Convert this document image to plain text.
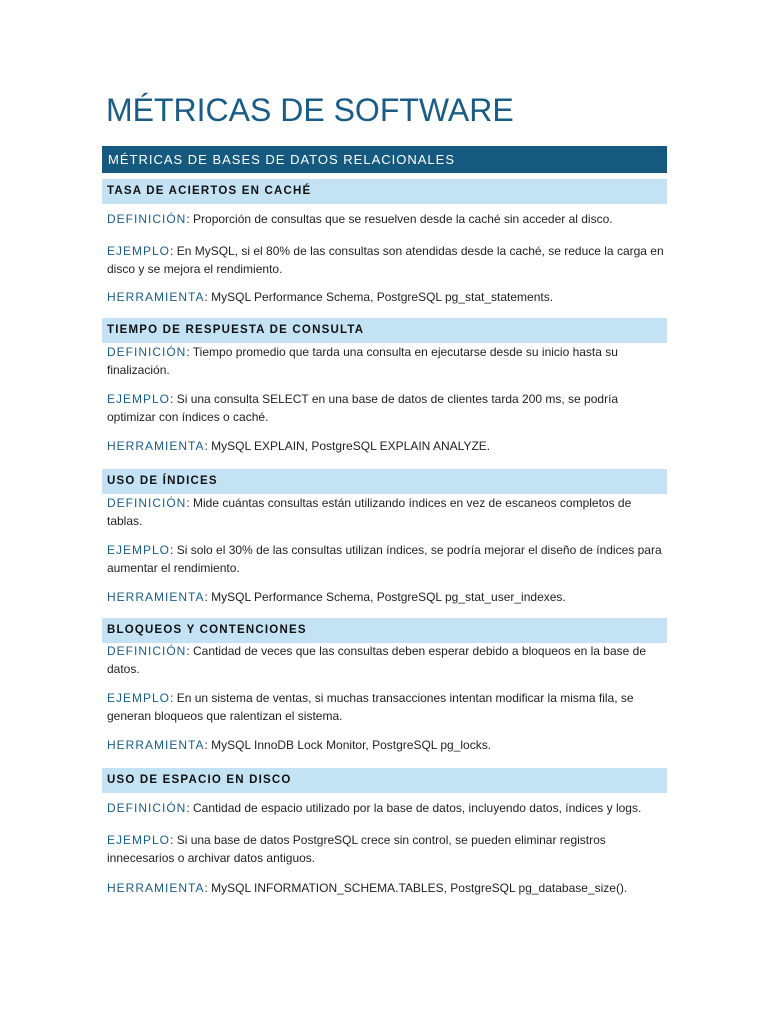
MÉTRICAS DE SOFTWARE
MÉTRICAS DE BASES DE DATOS RELACIONALES
TASA DE ACIERTOS EN CACHÉ
DEFINICIÓN: Proporción de consultas que se resuelven desde la caché sin acceder al disco.
EJEMPLO: En MySQL, si el 80% de las consultas son atendidas desde la caché, se reduce la carga en disco y se mejora el rendimiento.
HERRAMIENTA: MySQL Performance Schema, PostgreSQL pg_stat_statements.
TIEMPO DE RESPUESTA DE CONSULTA
DEFINICIÓN: Tiempo promedio que tarda una consulta en ejecutarse desde su inicio hasta su finalización.
EJEMPLO: Si una consulta SELECT en una base de datos de clientes tarda 200 ms, se podría optimizar con índices o caché.
HERRAMIENTA: MySQL EXPLAIN, PostgreSQL EXPLAIN ANALYZE.
USO DE ÍNDICES
DEFINICIÓN: Mide cuántas consultas están utilizando índices en vez de escaneos completos de tablas.
EJEMPLO: Si solo el 30% de las consultas utilizan índices, se podría mejorar el diseño de índices para aumentar el rendimiento.
HERRAMIENTA: MySQL Performance Schema, PostgreSQL pg_stat_user_indexes.
BLOQUEOS Y CONTENCIONES
DEFINICIÓN: Cantidad de veces que las consultas deben esperar debido a bloqueos en la base de datos.
EJEMPLO: En un sistema de ventas, si muchas transacciones intentan modificar la misma fila, se generan bloqueos que ralentizan el sistema.
HERRAMIENTA: MySQL InnoDB Lock Monitor, PostgreSQL pg_locks.
USO DE ESPACIO EN DISCO
DEFINICIÓN: Cantidad de espacio utilizado por la base de datos, incluyendo datos, índices y logs.
EJEMPLO: Si una base de datos PostgreSQL crece sin control, se pueden eliminar registros innecesarios o archivar datos antiguos.
HERRAMIENTA: MySQL INFORMATION_SCHEMA.TABLES, PostgreSQL pg_database_size().
